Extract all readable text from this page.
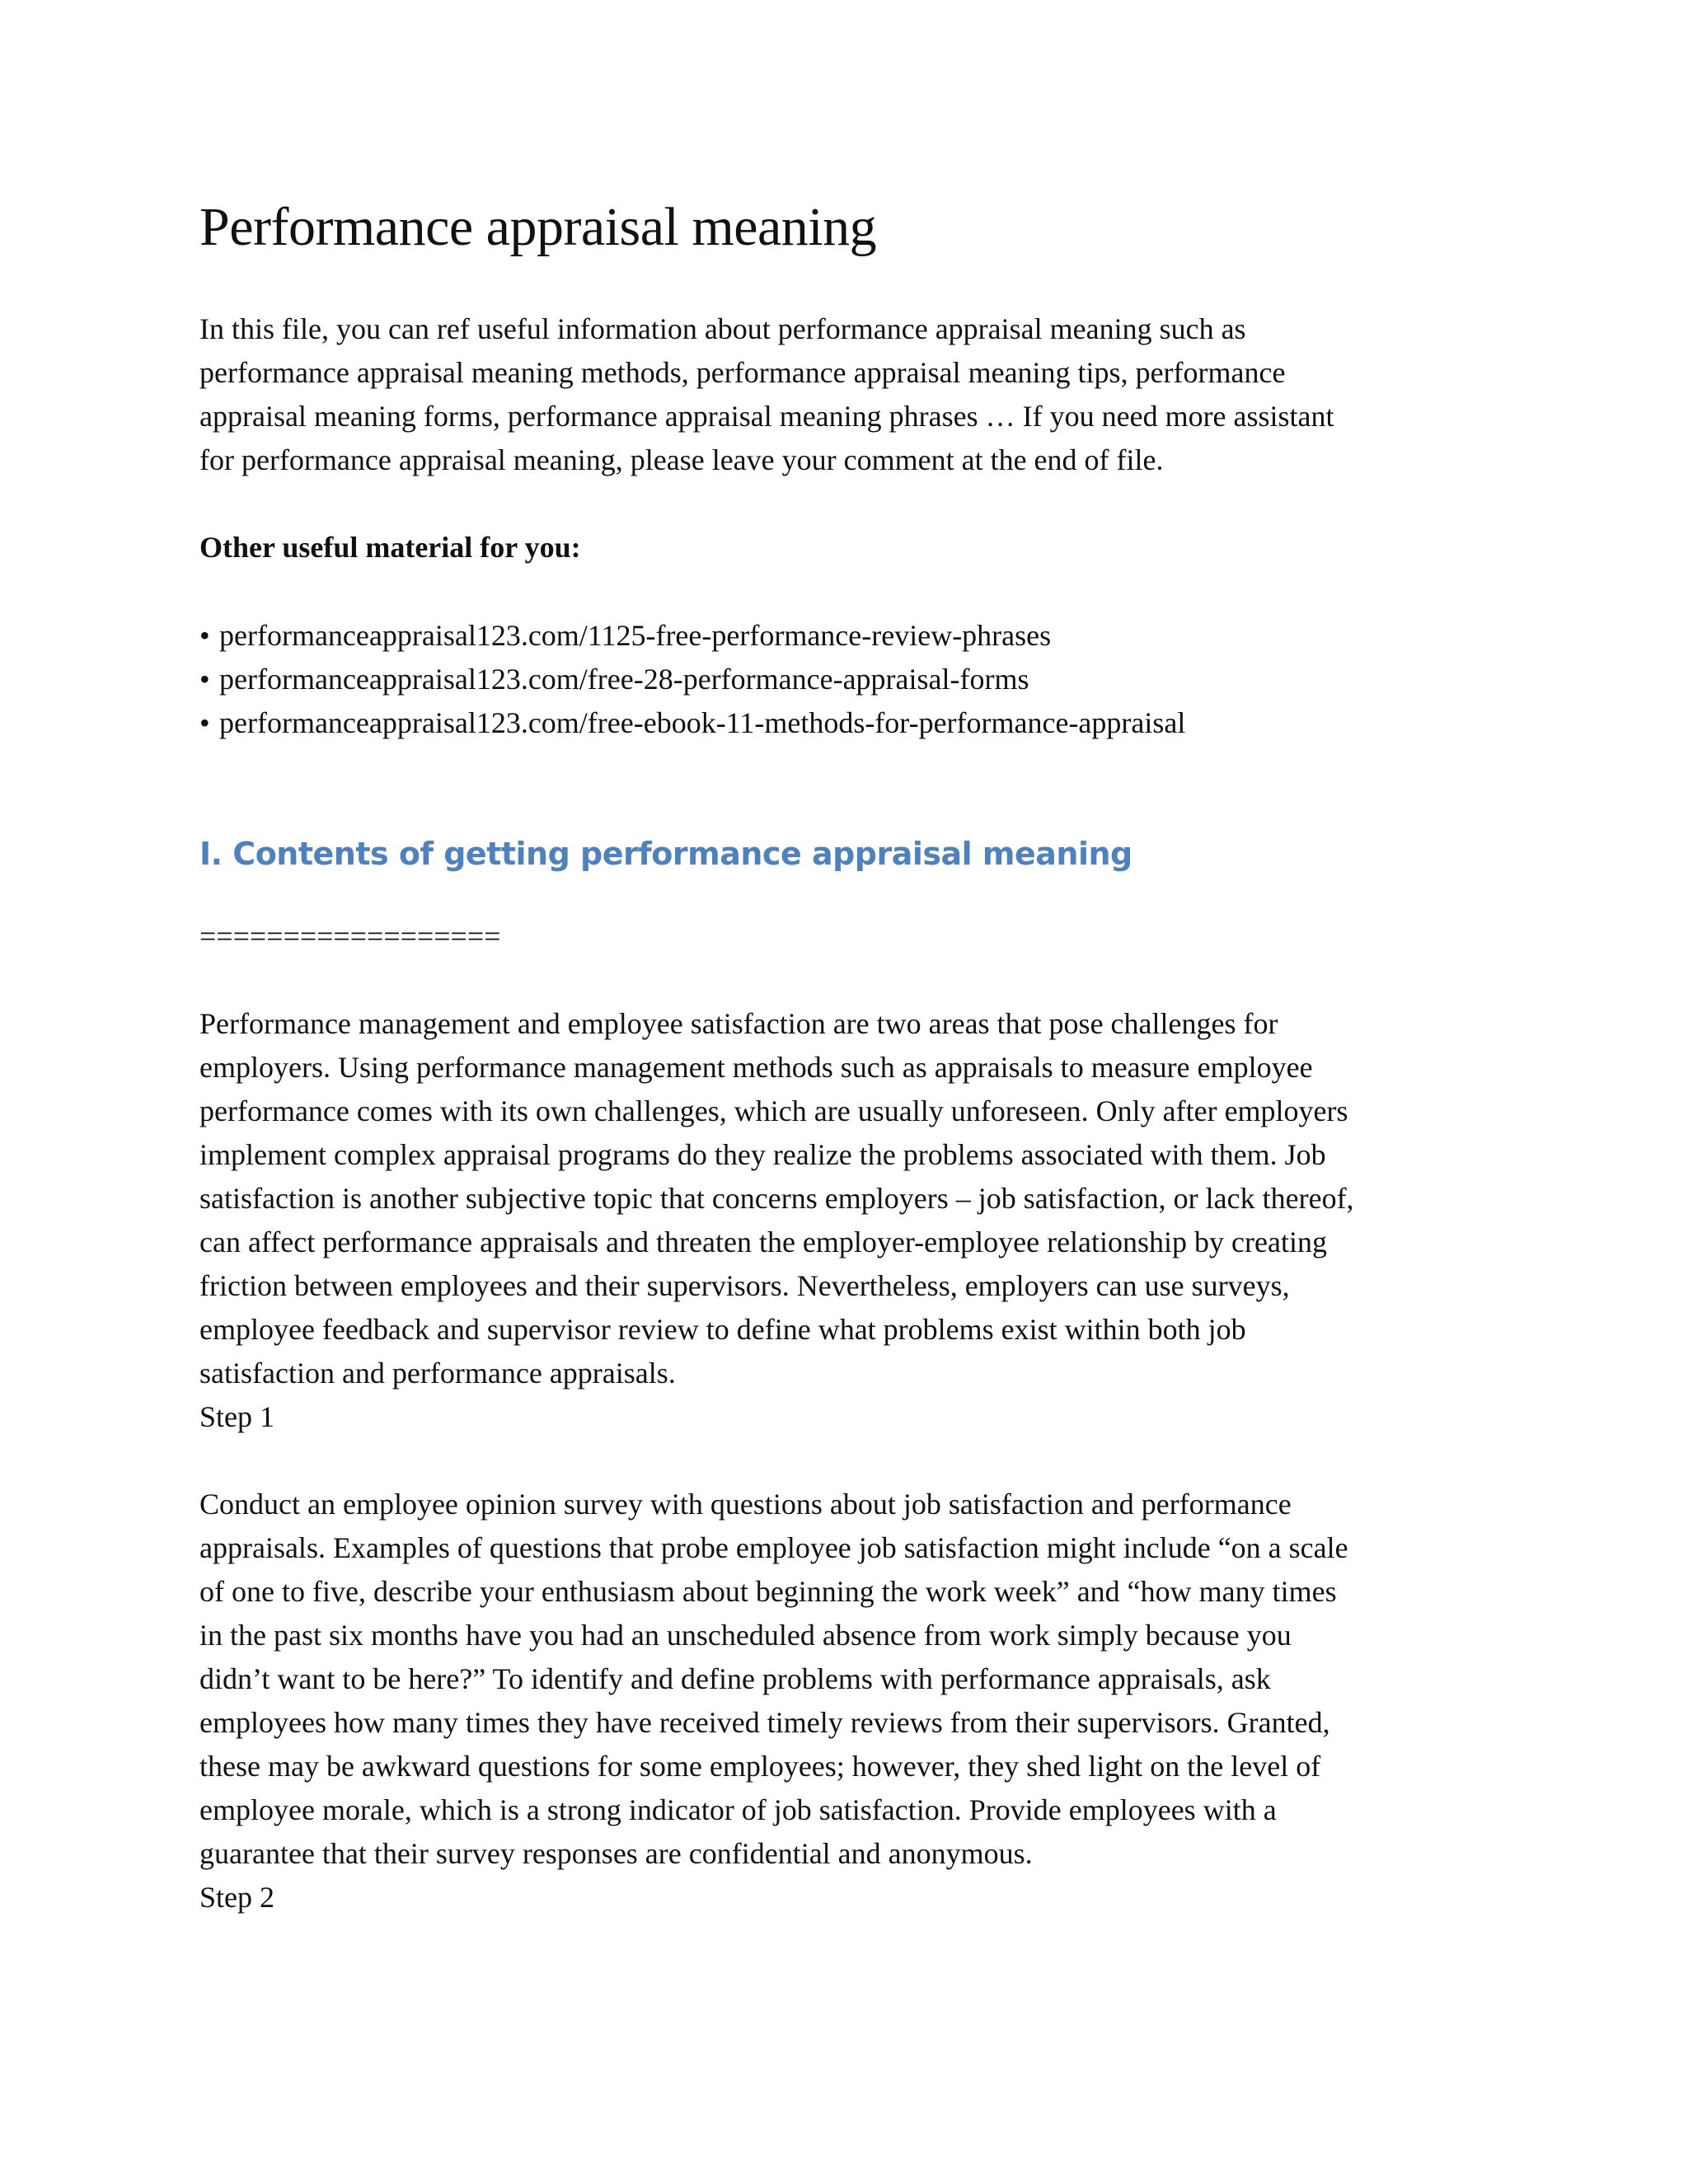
Performance appraisal meaning

In this file, you can ref useful information about performance appraisal meaning such as
performance appraisal meaning methods, performance appraisal meaning tips, performance
appraisal meaning forms, performance appraisal meaning phrases … If you need more assistant
for performance appraisal meaning, please leave your comment at the end of file.

Other useful material for you:

• performanceappraisal123.com/1125-free-performance-review-phrases
• performanceappraisal123.com/free-28-performance-appraisal-forms
• performanceappraisal123.com/free-ebook-11-methods-for-performance-appraisal
I. Contents of getting performance appraisal meaning

==================

Performance management and employee satisfaction are two areas that pose challenges for
employers. Using performance management methods such as appraisals to measure employee
performance comes with its own challenges, which are usually unforeseen. Only after employers
implement complex appraisal programs do they realize the problems associated with them. Job
satisfaction is another subjective topic that concerns employers – job satisfaction, or lack thereof,
can affect performance appraisals and threaten the employer-employee relationship by creating
friction between employees and their supervisors. Nevertheless, employers can use surveys,
employee feedback and supervisor review to define what problems exist within both job
satisfaction and performance appraisals.

Step 1

Conduct an employee opinion survey with questions about job satisfaction and performance
appraisals. Examples of questions that probe employee job satisfaction might include “on a scale
of one to five, describe your enthusiasm about beginning the work week” and “how many times
in the past six months have you had an unscheduled absence from work simply because you
didn’t want to be here?” To identify and define problems with performance appraisals, ask
employees how many times they have received timely reviews from their supervisors. Granted,
these may be awkward questions for some employees; however, they shed light on the level of
employee morale, which is a strong indicator of job satisfaction. Provide employees with a
guarantee that their survey responses are confidential and anonymous.

Step 2
